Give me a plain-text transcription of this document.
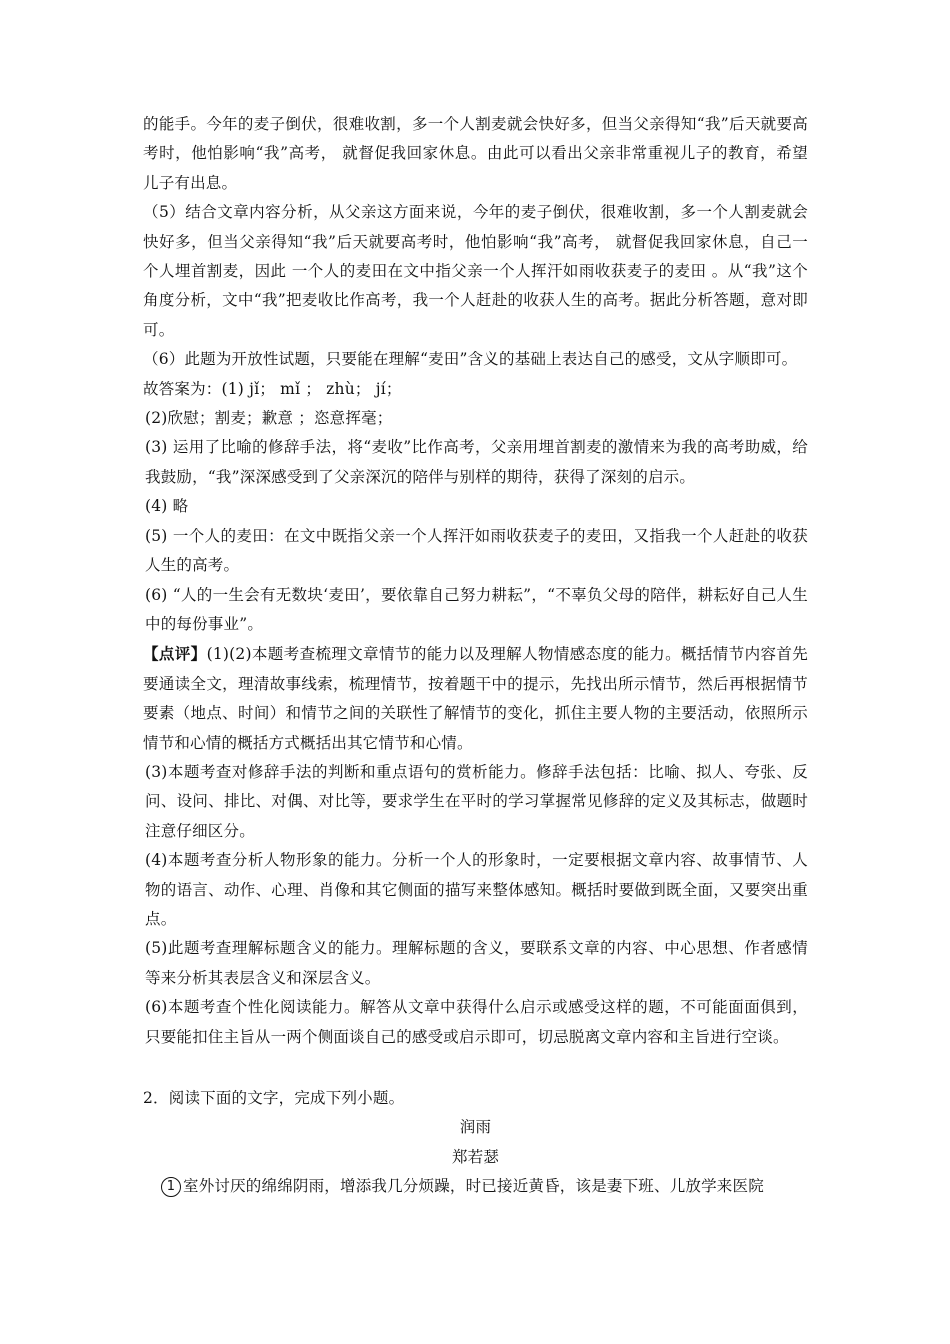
的能手。今年的麦子倒伏，很难收割，多一个人割麦就会快好多，但当父亲得知“我”后天就要高考时，他怕影响“我”高考， 就督促我回家休息。由此可以看出父亲非常重视儿子的教育，希望儿子有出息。

（5）结合文章内容分析，从父亲这方面来说，今年的麦子倒伏，很难收割，多一个人割麦就会快好多，但当父亲得知“我”后天就要高考时，他怕影响“我”高考， 就督促我回家休息，自己一个人埋首割麦，因此 一个人的麦田在文中指父亲一个人挥汗如雨收获麦子的麦田 。从“我”这个角度分析，文中“我”把麦收比作高考，我一个人赶赴的收获人生的高考。据此分析答题，意对即可。

（6）此题为开放性试题，只要能在理解“麦田”含义的基础上表达自己的感受，文从字顺即可。

故答案为：(1) jǐ； mǐ ； zhù； jí；

(2)欣慰；割麦；歉意 ；恣意挥毫；

(3) 运用了比喻的修辞手法，将“麦收”比作高考，父亲用埋首割麦的激情来为我的高考助威，给我鼓励，“我”深深感受到了父亲深沉的陪伴与别样的期待，获得了深刻的启示。

(4) 略

(5) 一个人的麦田：在文中既指父亲一个人挥汗如雨收获麦子的麦田，又指我一个人赶赴的收获人生的高考。

(6) “人的一生会有无数块‘麦田’，要依靠自己努力耕耘”，“不辜负父母的陪伴，耕耘好自己人生中的每份事业”。

【点评】(1)(2)本题考查梳理文章情节的能力以及理解人物情感态度的能力。概括情节内容首先要通读全文，理清故事线索，梳理情节，按着题干中的提示，先找出所示情节，然后再根据情节要素（地点、时间）和情节之间的关联性了解情节的变化，抓住主要人物的主要活动，依照所示情节和心情的概括方式概括出其它情节和心情。

(3)本题考查对修辞手法的判断和重点语句的赏析能力。修辞手法包括：比喻、拟人、夸张、反问、设问、排比、对偶、对比等，要求学生在平时的学习掌握常见修辞的定义及其标志，做题时注意仔细区分。

(4)本题考查分析人物形象的能力。分析一个人的形象时，一定要根据文章内容、故事情节、人物的语言、动作、心理、肖像和其它侧面的描写来整体感知。概括时要做到既全面，又要突出重点。

(5)此题考查理解标题含义的能力。理解标题的含义，要联系文章的内容、中心思想、作者感情等来分析其表层含义和深层含义。

(6)本题考查个性化阅读能力。解答从文章中获得什么启示或感受这样的题，不可能面面俱到，只要能扣住主旨从一两个侧面谈自己的感受或启示即可，切忌脱离文章内容和主旨进行空谈。

2．阅读下面的文字，完成下列小题。

润雨

郑若瑟

1 室外讨厌的绵绵阴雨，增添我几分烦躁，时已接近黄昏，该是妻下班、儿放学来医院
